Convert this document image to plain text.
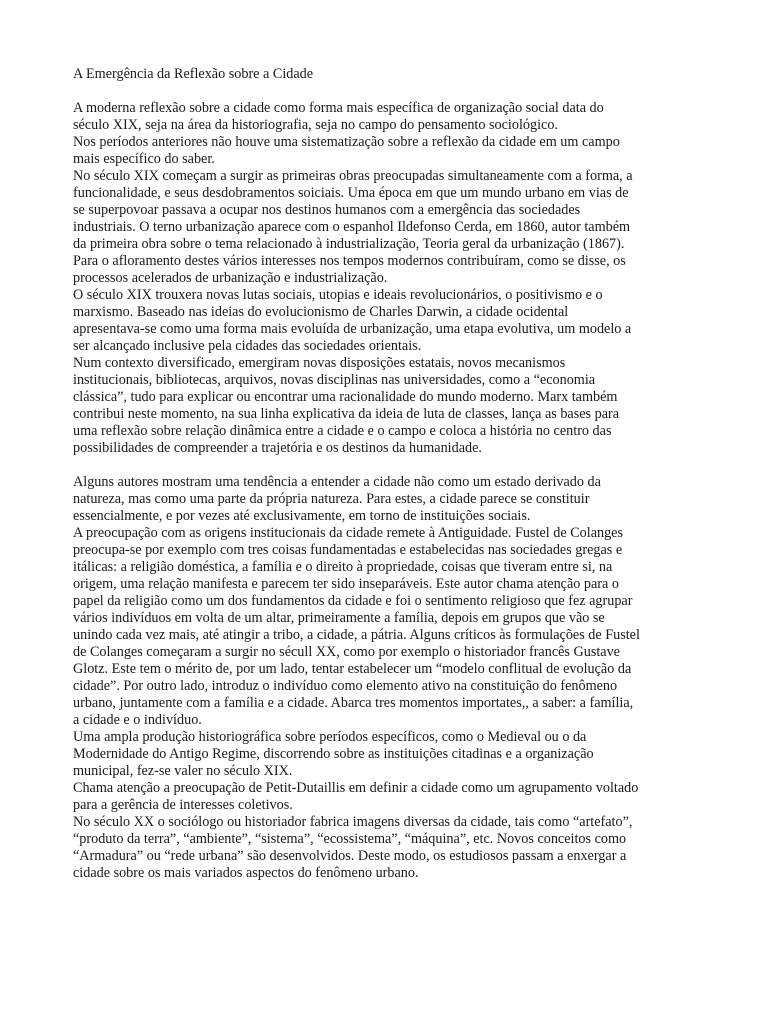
A Emergência da Reflexão sobre a Cidade

A moderna reflexão sobre a cidade como forma mais específica de organização social data do
século XIX, seja na área da historiografia, seja no campo do pensamento sociológico.

Nos períodos anteriores não houve uma sistematização sobre a reflexão da cidade em um campo
mais específico do saber.

No século XIX começam a surgir as primeiras obras preocupadas simultaneamente com a forma, a
funcionalidade, e seus desdobramentos soiciais. Uma época em que um mundo urbano em vias de
se superpovoar passava a ocupar nos destinos humanos com a emergência das sociedades
industriais. O terno urbanização aparece com o espanhol Ildefonso Cerda, em 1860, autor também
da primeira obra sobre o tema relacionado à industrialização, Teoria geral da urbanização (1867).
Para o afloramento destes vários interesses nos tempos modernos contribuíram, como se disse, os
processos acelerados de urbanização e industrialização.

O século XIX trouxera novas lutas sociais, utopias e ideais revolucionários, o positivismo e o
marxismo. Baseado nas ideias do evolucionismo de Charles Darwin, a cidade ocidental
apresentava-se como uma forma mais evoluída de urbanização, uma etapa evolutiva, um modelo a
ser alcançado inclusive pela cidades das sociedades orientais.

Num contexto diversificado, emergiram novas disposições estatais, novos mecanismos
institucionais, bibliotecas, arquivos, novas disciplinas nas universidades, como a “economia
clássica”, tudo para explicar ou encontrar uma racionalidade do mundo moderno. Marx também
contribui neste momento, na sua linha explicativa da ideia de luta de classes, lança as bases para
uma reflexão sobre relação dinâmica entre a cidade e o campo e coloca a história no centro das
possibilidades de compreender a trajetória e os destinos da humanidade.

Alguns autores mostram uma tendência a entender a cidade não como um estado derivado da
natureza, mas como uma parte da própria natureza. Para estes, a cidade parece se constituir
essencialmente, e por vezes até exclusivamente, em torno de instituições sociais.

A preocupação com as origens institucionais da cidade remete à Antiguidade. Fustel de Colanges
preocupa-se por exemplo com tres coisas fundamentadas e estabelecidas nas sociedades gregas e
itálicas: a religião doméstica, a família e o direito à propriedade, coisas que tiveram entre si, na
origem, uma relação manifesta e parecem ter sido inseparáveis. Este autor chama atenção para o
papel da religião como um dos fundamentos da cidade e foi o sentimento religioso que fez agrupar
vários indivíduos em volta de um altar, primeiramente a família, depois em grupos que vão se
unindo cada vez mais, até atingir a tribo, a cidade, a pátria. Alguns críticos às formulações de Fustel
de Colanges começaram a surgir no sécull XX, como por exemplo o historiador francês Gustave
Glotz. Este tem o mérito de, por um lado, tentar estabelecer um “modelo conflitual de evolução da
cidade”. Por outro lado, introduz o indivíduo como elemento ativo na constituição do fenômeno
urbano, juntamente com a família e a cidade. Abarca tres momentos importates,, a saber: a família,
a cidade e o indivíduo.

Uma ampla produção historiográfica sobre períodos específicos, como o Medieval ou o da
Modernidade do Antigo Regime, discorrendo sobre as instituições citadinas e a organização
municipal, fez-se valer no século XIX.

Chama atenção a preocupação de Petit-Dutaillis em definir a cidade como um agrupamento voltado
para a gerência de interesses coletivos.

No século XX o sociólogo ou historiador fabrica imagens diversas da cidade, tais como “artefato”,
“produto da terra”, “ambiente”, “sistema”, “ecossistema”, “máquina”, etc. Novos conceitos como
“Armadura” ou “rede urbana” são desenvolvidos. Deste modo, os estudiosos passam a enxergar a
cidade sobre os mais variados aspectos do fenômeno urbano.
